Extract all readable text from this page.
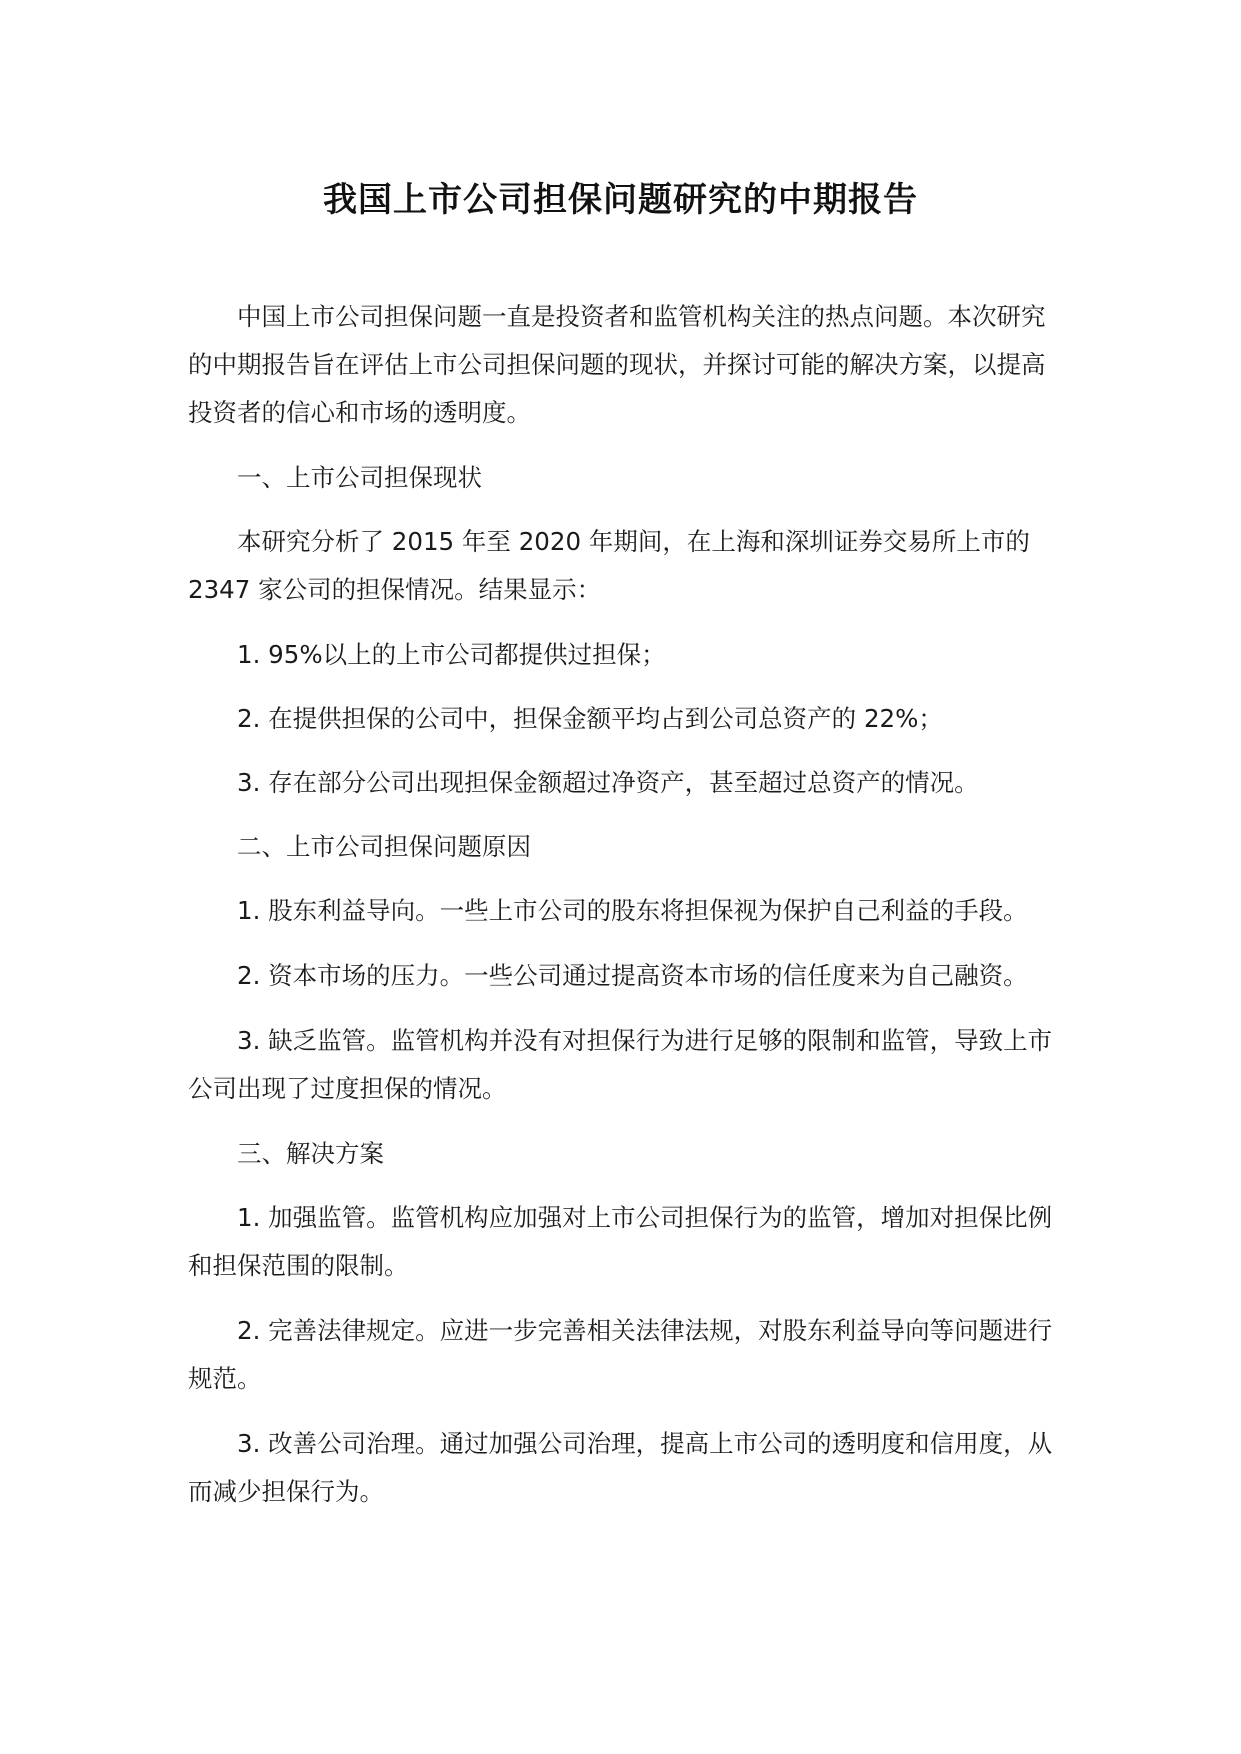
我国上市公司担保问题研究的中期报告

中国上市公司担保问题一直是投资者和监管机构关注的热点问题。本次研究的中期报告旨在评估上市公司担保问题的现状，并探讨可能的解决方案，以提高投资者的信心和市场的透明度。

一、上市公司担保现状

本研究分析了 2015 年至 2020 年期间，在上海和深圳证券交易所上市的 2347 家公司的担保情况。结果显示：

1. 95%以上的上市公司都提供过担保；

2. 在提供担保的公司中，担保金额平均占到公司总资产的 22%；

3. 存在部分公司出现担保金额超过净资产，甚至超过总资产的情况。

二、上市公司担保问题原因

1. 股东利益导向。一些上市公司的股东将担保视为保护自己利益的手段。

2. 资本市场的压力。一些公司通过提高资本市场的信任度来为自己融资。

3. 缺乏监管。监管机构并没有对担保行为进行足够的限制和监管，导致上市公司出现了过度担保的情况。

三、解决方案

1. 加强监管。监管机构应加强对上市公司担保行为的监管，增加对担保比例和担保范围的限制。

2. 完善法律规定。应进一步完善相关法律法规，对股东利益导向等问题进行规范。

3. 改善公司治理。通过加强公司治理，提高上市公司的透明度和信用度，从而减少担保行为。
